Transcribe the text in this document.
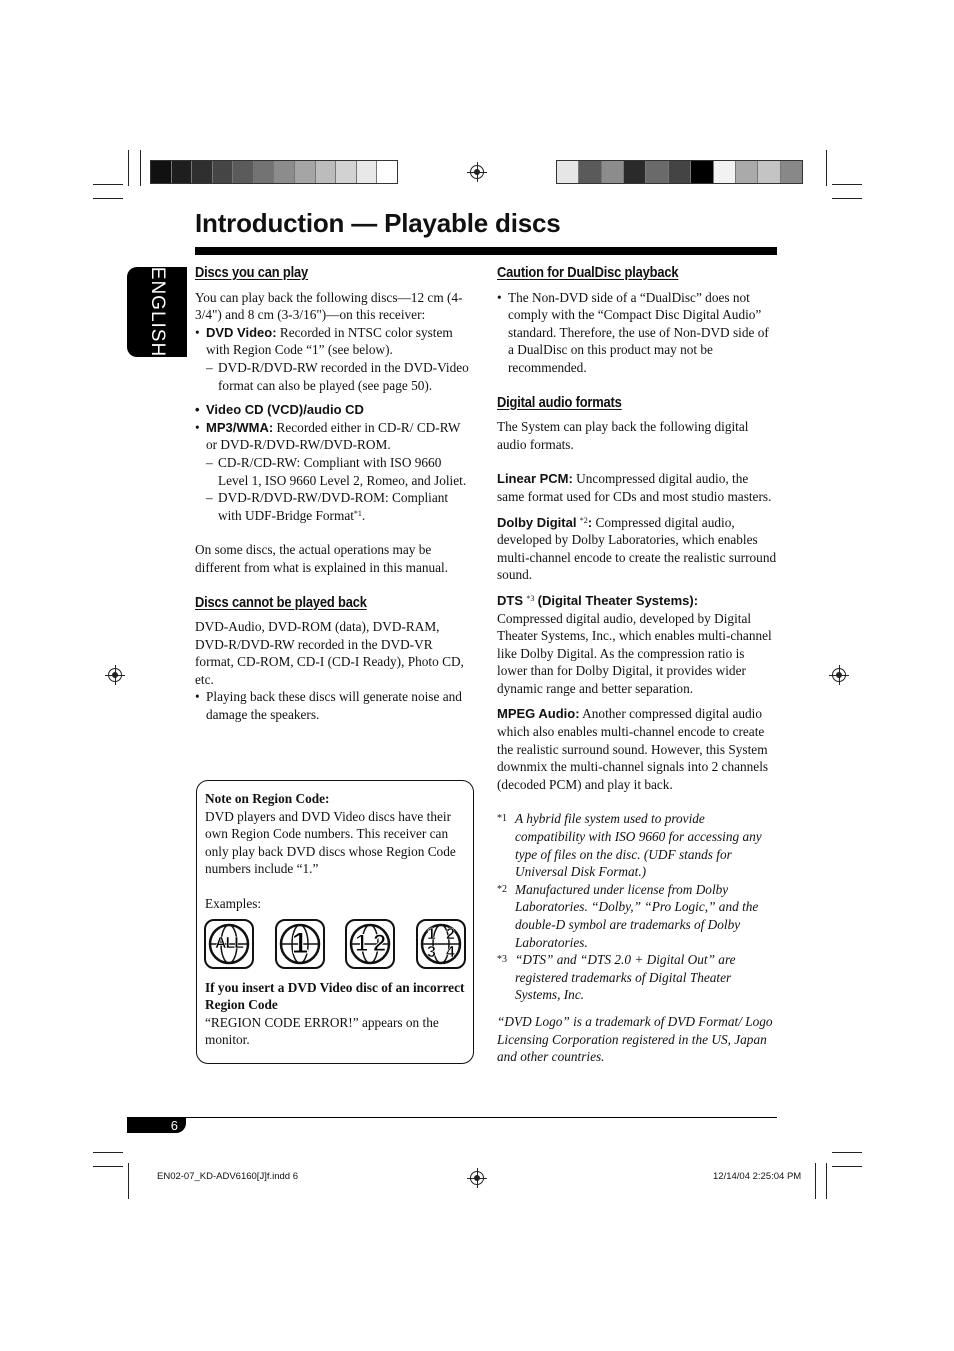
Introduction — Playable discs
ENGLISH Discs you can play

You can play back the following discs—12 cm (4-3/4") and 8 cm (3-3/16")—on this receiver:

• DVD Video: Recorded in NTSC color system with Region Code “1” (see below).

– DVD-R/DVD-RW recorded in the DVD-Video format can also be played (see page 50).

• Video CD (VCD)/audio CD

• MP3/WMA: Recorded either in CD-R/ CD-RW or DVD-R/DVD-RW/DVD-ROM.

– CD-R/CD-RW: Compliant with ISO 9660 Level 1, ISO 9660 Level 2, Romeo, and Joliet.

– DVD-R/DVD-RW/DVD-ROM: Compliant with UDF-Bridge Format$^{*1}$.

On some discs, the actual operations may be different from what is explained in this manual.

Discs cannot be played back

DVD-Audio, DVD-ROM (data), DVD-RAM, DVD-R/DVD-RW recorded in the DVD-VR format, CD-ROM, CD-I (CD-I Ready), Photo CD, etc.

• Playing back these discs will generate noise and damage the speakers.

Note on Region Code:

DVD players and DVD Video discs have their own Region Code numbers. This receiver can only play back DVD discs whose Region Code numbers include “1.”

Examples:

If you insert a DVD Video disc of an incorrect Region Code

“REGION CODE ERROR!” appears on the monitor.

ALL	1	1 2	1 2
3 4
Caution for DualDisc playback

• The Non-DVD side of a “DualDisc” does not comply with the “Compact Disc Digital Audio” standard. Therefore, the use of Non-DVD side of a DualDisc on this product may not be recommended.

Digital audio formats

The System can play back the following digital audio formats.

Linear PCM: Uncompressed digital audio, the same format used for CDs and most studio masters.

Dolby Digital $^{*2}$: Compressed digital audio, developed by Dolby Laboratories, which enables multi-channel encode to create the realistic surround sound.

DTS $^{*3}$ (Digital Theater Systems):

Compressed digital audio, developed by Digital Theater Systems, Inc., which enables multi-channel like Dolby Digital. As the compression ratio is lower than for Dolby Digital, it provides wider dynamic range and better separation.

MPEG Audio: Another compressed digital audio which also enables multi-channel encode to create the realistic surround sound. However, this System downmix the multi-channel signals into 2 channels (decoded PCM) and play it back.

*1 A hybrid file system used to provide compatibility with ISO 9660 for accessing any type of files on the disc. (UDF stands for Universal Disk Format.)

*2 Manufactured under license from Dolby Laboratories. “Dolby,” “Pro Logic,” and the double-D symbol are trademarks of Dolby Laboratories.

*3 “DTS” and “DTS 2.0 + Digital Out” are registered trademarks of Digital Theater Systems, Inc.

“DVD Logo” is a trademark of DVD Format/ Logo Licensing Corporation registered in the US, Japan and other countries.

6
EN02-07_KD-ADV6160[J]f.indd 6	12/14/04 2:25:04 PM
